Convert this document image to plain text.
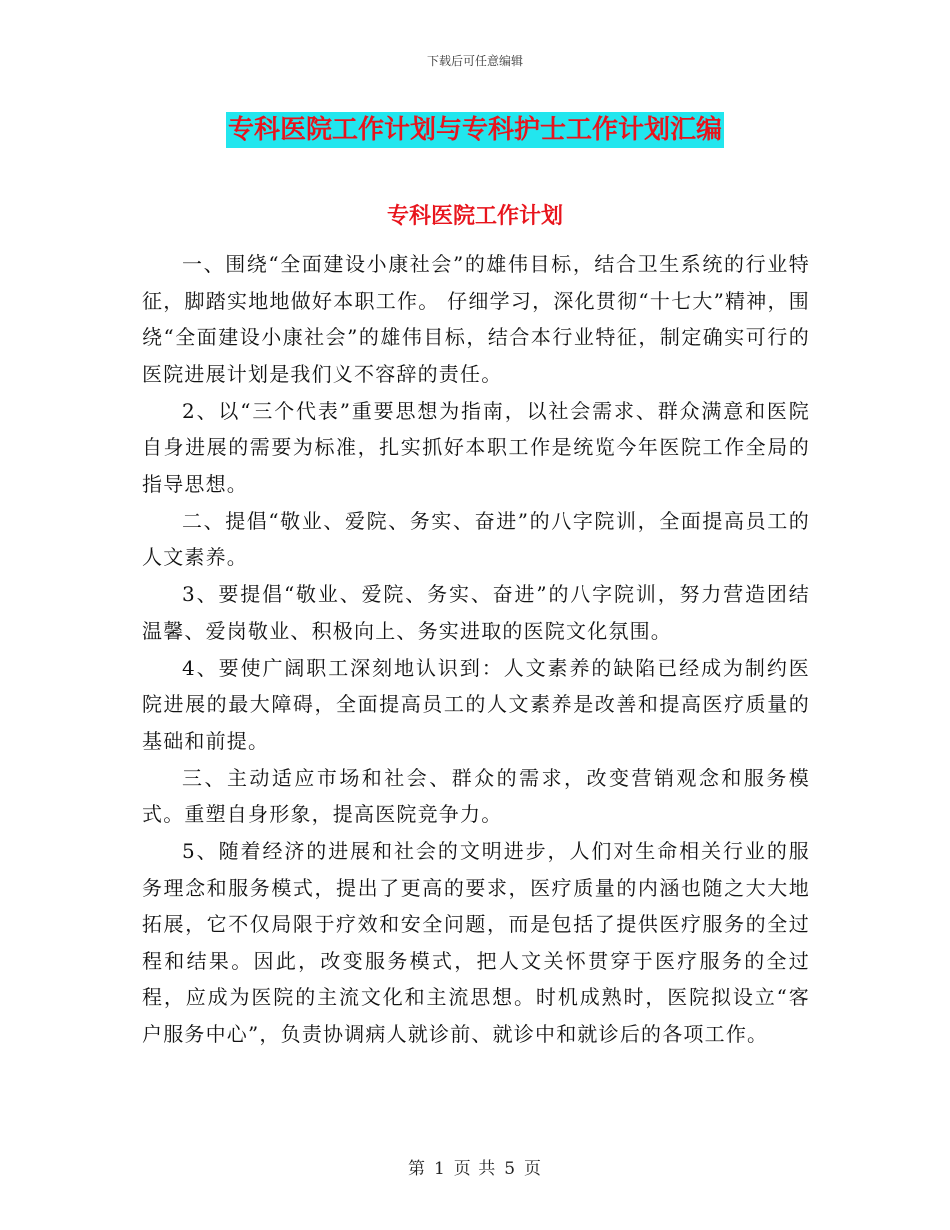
下载后可任意编辑
专科医院工作计划与专科护士工作计划汇编
专科医院工作计划

一、围绕“全面建设小康社会”的雄伟目标，结合卫生系统的行业特征，脚踏实地地做好本职工作。 仔细学习，深化贯彻“十七大”精神，围绕“全面建设小康社会”的雄伟目标，结合本行业特征，制定确实可行的医院进展计划是我们义不容辞的责任。

2、以“三个代表”重要思想为指南，以社会需求、群众满意和医院自身进展的需要为标准，扎实抓好本职工作是统览今年医院工作全局的指导思想。

二、提倡“敬业、爱院、务实、奋进”的八字院训，全面提高员工的人文素养。

3、要提倡“敬业、爱院、务实、奋进”的八字院训，努力营造团结温馨、爱岗敬业、积极向上、务实进取的医院文化氛围。

4、要使广阔职工深刻地认识到：人文素养的缺陷已经成为制约医院进展的最大障碍，全面提高员工的人文素养是改善和提高医疗质量的基础和前提。

三、主动适应市场和社会、群众的需求，改变营销观念和服务模式。重塑自身形象，提高医院竞争力。

5、随着经济的进展和社会的文明进步，人们对生命相关行业的服务理念和服务模式，提出了更高的要求，医疗质量的内涵也随之大大地拓展，它不仅局限于疗效和安全问题，而是包括了提供医疗服务的全过程和结果。因此，改变服务模式，把人文关怀贯穿于医疗服务的全过程，应成为医院的主流文化和主流思想。时机成熟时，医院拟设立“客户服务中心”，负责协调病人就诊前、就诊中和就诊后的各项工作。

第 1 页 共 5 页
